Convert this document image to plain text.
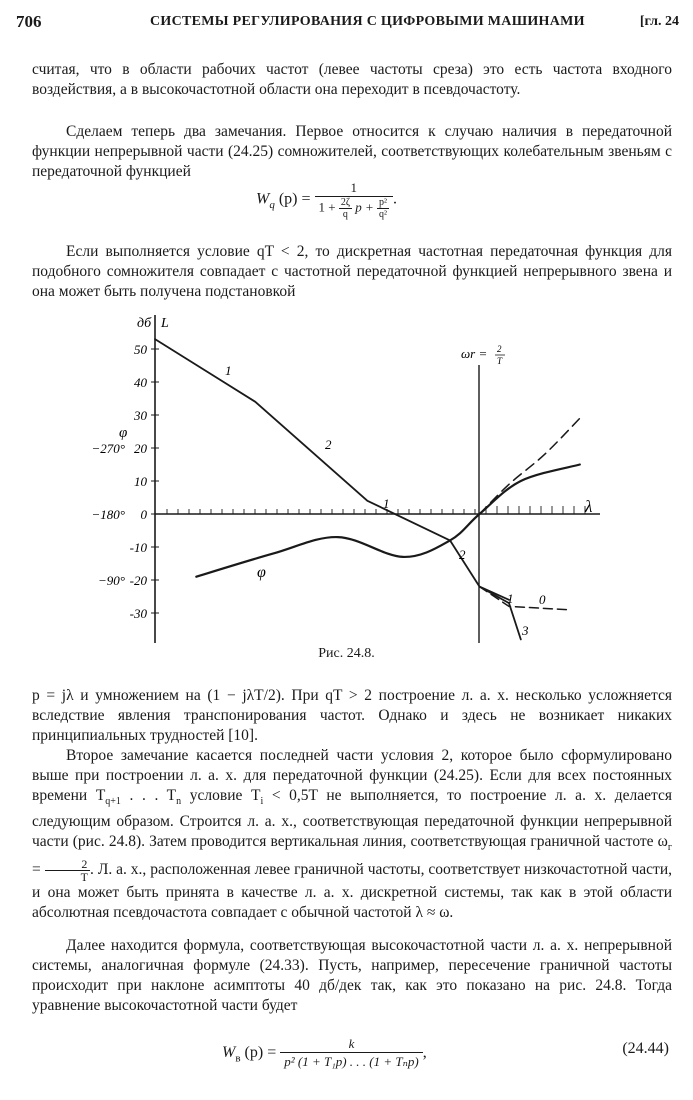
706	СИСТЕМЫ РЕГУЛИРОВАНИЯ С ЦИФРОВЫМИ МАШИНАМИ	[гл. 24

считая, что в области рабочих частот (левее частоты среза) это есть частота входного воздействия, а в высокочастотной области она переходит в псевдочастоту.

Сделаем теперь два замечания. Первое относится к случаю наличия в передаточной функции непрерывной части (24.25) сомножителей, соответствующих колебательным звеньям с передаточной функцией

$W_q$ $(p) = \frac{1}{1 + \frac{2\zeta}{q} p + \frac{\text{p²}}{\text{q²}}}$ .

Если выполняется условие qT < 2, то дискретная частотная передаточная функция для подобного сомножителя совпадает с частотной передаточной функцией непрерывного звена и она может быть получена подстановкой

50
40
30
20
10
0
-10
-20
-30
−270°
−180°
−90°
дб L
φ
λ
ωr = 2
T
1
2
1
2
1 0
3
φ
Рис. 24.8.

p = jλ и умножением на (1 − jλT/2). При qT > 2 построение л. а. х. несколько усложняется вследствие явления транспонирования частот. Однако и здесь не возникает никаких принципиальных трудностей [10].

Второе замечание касается последней части условия 2, которое было сформулировано выше при построении л. а. х. для передаточной функции (24.25). Если для всех постоянных времени $T_{q+1}$ . . . $T_n$ условие $T_i < 0,5T$ не выполняется, то построение л. а. х. делается следующим образом. Строится л. а. х., соответствующая передаточной функции непрерывной части (рис. 24.8). Затем проводится вертикальная линия, соответствующая граничной частоте $\omega_г = \frac{2}{T}$ . Л. а. х., расположенная левее граничной частоты, соответствует низкочастотной части, и она может быть принята в качестве л. а. х. дискретной системы, так как в этой области абсолютная псевдочастота совпадает с обычной частотой λ ≈ ω.

Далее находится формула, соответствующая высокочастотной части л. а. х. непрерывной системы, аналогичная формуле (24.33). Пусть, например, пересечение граничной частоты происходит при наклоне асимптоты 40 дб/дек так, как это показано на рис. 24.8. Тогда уравнение высокочастотной части будет

$W_в$ $(p) = \frac{k}{\text{p² (1 + T₁p) . . . (1 + Tₙp)}}$ ,	(24.44)
